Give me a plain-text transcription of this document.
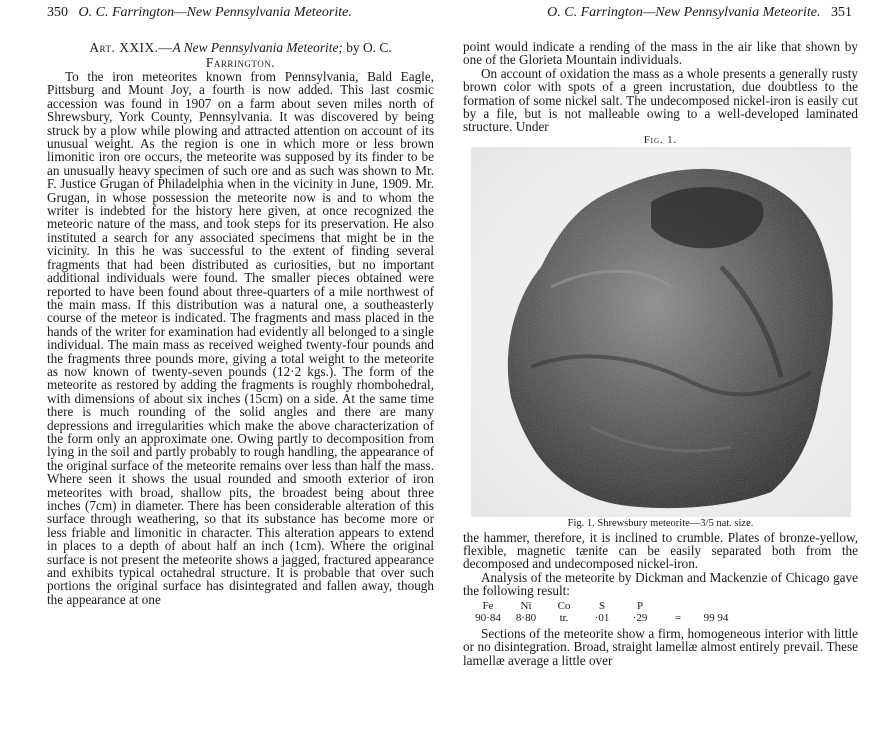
350 O. C. Farrington—New Pennsylvania Meteorite.	O. C. Farrington—New Pennsylvania Meteorite. 351

Art. XXIX.—A New Pennsylvania Meteorite; by O. C.
Farrington.

To the iron meteorites known from Pennsylvania, Bald Eagle, Pittsburg and Mount Joy, a fourth is now added. This last cosmic accession was found in 1907 on a farm about seven miles north of Shrewsbury, York County, Pennsylvania. It was discovered by being struck by a plow while plowing and attracted attention on account of its unusual weight. As the region is one in which more or less brown limonitic iron ore occurs, the meteorite was supposed by its finder to be an unusually heavy specimen of such ore and as such was shown to Mr. F. Justice Grugan of Philadelphia when in the vicinity in June, 1909. Mr. Grugan, in whose possession the meteorite now is and to whom the writer is indebted for the history here given, at once recognized the meteoric nature of the mass, and took steps for its preservation. He also instituted a search for any associated specimens that might be in the vicinity. In this he was successful to the extent of finding several fragments that had been distributed as curiosities, but no important additional individuals were found. The smaller pieces obtained were reported to have been found about three-quarters of a mile northwest of the main mass. If this distribution was a natural one, a southeasterly course of the meteor is indicated. The fragments and mass placed in the hands of the writer for examination had evidently all belonged to a single individual. The main mass as received weighed twenty-four pounds and the fragments three pounds more, giving a total weight to the meteorite as now known of twenty-seven pounds (12·2 kgs.). The form of the meteorite as restored by adding the fragments is roughly rhombohedral, with dimensions of about six inches (15cm) on a side. At the same time there is much rounding of the solid angles and there are many depressions and irregularities which make the above characterization of the form only an approximate one. Owing partly to decomposition from lying in the soil and partly probably to rough handling, the appearance of the original surface of the meteorite remains over less than half the mass. Where seen it shows the usual rounded and smooth exterior of iron meteorites with broad, shallow pits, the broadest being about three inches (7cm) in diameter. There has been considerable alteration of this surface through weathering, so that its substance has become more or less friable and limonitic in character. This alteration appears to extend in places to a depth of about half an inch (1cm). Where the original surface is not present the meteorite shows a jagged, fractured appearance and exhibits typical octahedral structure. It is probable that over such portions the original surface has disintegrated and fallen away, though the appearance at one

point would indicate a rending of the mass in the air like that shown by one of the Glorieta Mountain individuals.

On account of oxidation the mass as a whole presents a generally rusty brown color with spots of a green incrustation, due doubtless to the formation of some nickel salt. The undecomposed nickel-iron is easily cut by a file, but is not malleable owing to a well-developed laminated structure. Under

Fig. 1.

Fig. 1. Shrewsbury meteorite—3/5 nat. size.

the hammer, therefore, it is inclined to crumble. Plates of bronze-yellow, flexible, magnetic tænite can be easily separated both from the decomposed and undecomposed nickel-iron.

Analysis of the meteorite by Dickman and Mackenzie of Chicago gave the following result:

Fe	Ni	Co	S	P
90·84	8·80	tr.	·01	·29	=	99 94

Sections of the meteorite show a firm, homogeneous interior with little or no disintegration. Broad, straight lamellæ almost entirely prevail. These lamellæ average a little over
